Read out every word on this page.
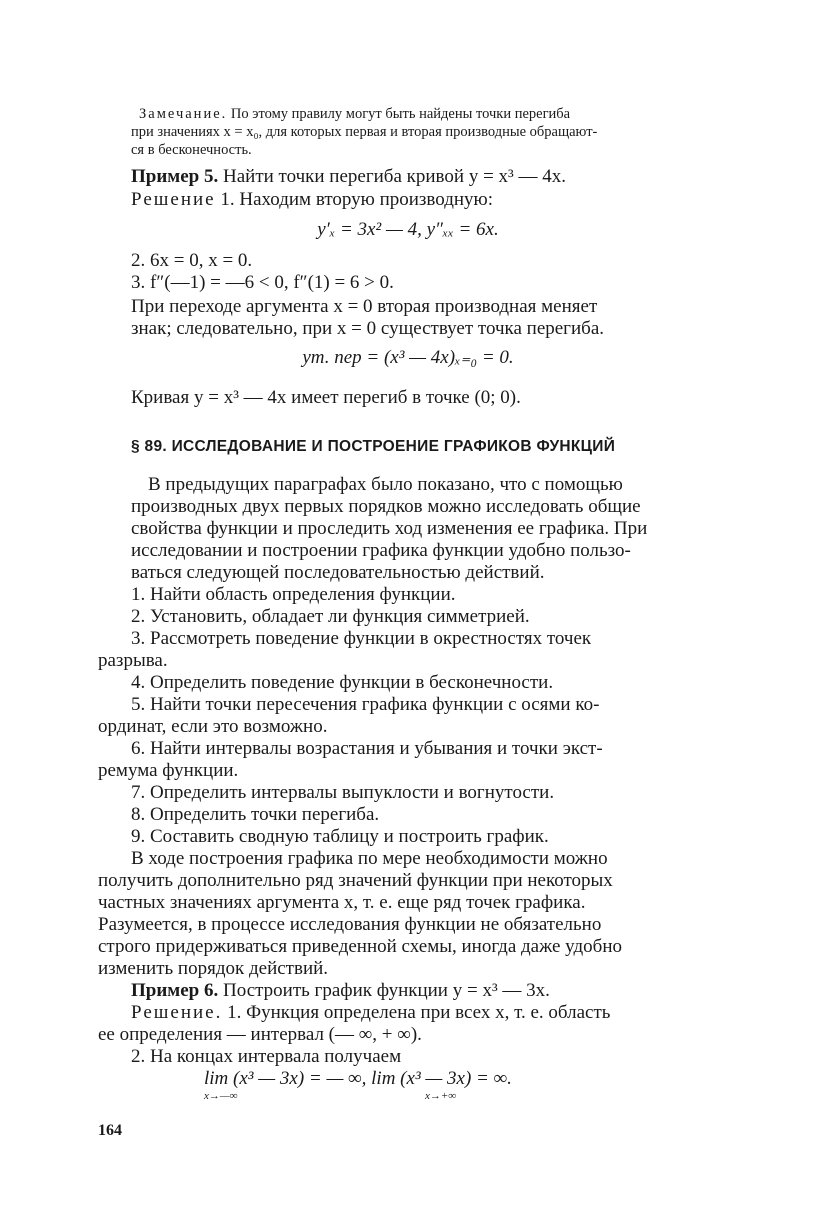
Замечание. По этому правилу могут быть найдены точки перегиба
при значениях x = x₀, для которых первая и вторая производные обращают-
ся в бесконечность.
Пример 5. Найти точки перегиба кривой y = x³ — 4x.
Решение 1. Находим вторую производную:
y′ₓ = 3x² — 4, y″ₓₓ = 6x.
2. 6x = 0, x = 0.
3. f″(—1) = —6 < 0, f″(1) = 6 > 0.
При переходе аргумента x = 0 вторая производная меняет
знак; следовательно, при x = 0 существует точка перегиба.
yт. пер = (x³ — 4x)ₓ₌₀ = 0.
Кривая y = x³ — 4x имеет перегиб в точке (0; 0).
§ 89. ИССЛЕДОВАНИЕ И ПОСТРОЕНИЕ ГРАФИКОВ ФУНКЦИЙ
В предыдущих параграфах было показано, что с помощью
производных двух первых порядков можно исследовать общие
свойства функции и проследить ход изменения ее графика. При
исследовании и построении графика функции удобно пользо-
ваться следующей последовательностью действий.
1. Найти область определения функции.
2. Установить, обладает ли функция симметрией.
3. Рассмотреть поведение функции в окрестностях точек
разрыва.
4. Определить поведение функции в бесконечности.
5. Найти точки пересечения графика функции с осями ко-
ординат, если это возможно.
6. Найти интервалы возрастания и убывания и точки экст-
ремума функции.
7. Определить интервалы выпуклости и вогнутости.
8. Определить точки перегиба.
9. Составить сводную таблицу и построить график.
В ходе построения графика по мере необходимости можно
получить дополнительно ряд значений функции при некоторых
частных значениях аргумента x, т. е. еще ряд точек графика.
Разумеется, в процессе исследования функции не обязательно
строго придерживаться приведенной схемы, иногда даже удобно
изменить порядок действий.
Пример 6. Построить график функции y = x³ — 3x.
Решение. 1. Функция определена при всех x, т. е. область
ее определения — интервал (— ∞, + ∞).
2. На концах интервала получаем
lim (x³ — 3x) = — ∞, lim (x³ — 3x) = ∞.
x→—∞	x→+∞
164
